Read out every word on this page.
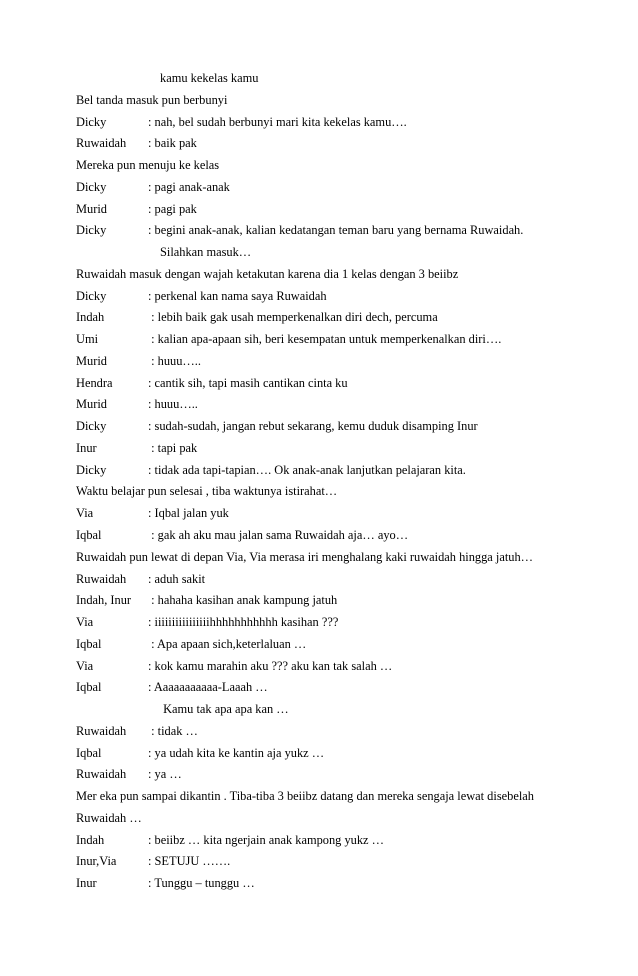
kamu kekelas kamu
Bel tanda masuk pun berbunyi
Dicky	: nah, bel sudah berbunyi mari kita kekelas kamu….
Ruwaidah : baik pak
Mereka pun menuju ke kelas
Dicky	: pagi anak-anak
Murid	: pagi pak
Dicky	: begini anak-anak, kalian kedatangan teman baru yang bernama Ruwaidah.
Silahkan masuk…
Ruwaidah masuk dengan wajah ketakutan karena dia 1 kelas dengan 3 beiibz
Dicky	: perkenal kan nama saya Ruwaidah
Indah	: lebih baik gak usah memperkenalkan diri dech, percuma
Umi	: kalian apa-apaan sih, beri kesempatan untuk memperkenalkan diri….
Murid	: huuu…..
Hendra	: cantik sih, tapi masih cantikan cinta ku
Murid	: huuu…..
Dicky	: sudah-sudah, jangan rebut sekarang, kemu duduk disamping Inur
Inur	: tapi pak
Dicky	: tidak ada tapi-tapian…. Ok anak-anak lanjutkan pelajaran kita.
Waktu belajar pun selesai , tiba waktunya istirahat…
Via	: Iqbal jalan yuk
Iqbal	: gak ah aku mau jalan sama Ruwaidah aja… ayo…
Ruwaidah pun lewat di depan Via, Via merasa iri menghalang kaki ruwaidah hingga jatuh…
Ruwaidah : aduh sakit
Indah, Inur : hahaha kasihan anak kampung jatuh
Via	: iiiiiiiiiiiiiiiihhhhhhhhhhh kasihan ???
Iqbal	: Apa apaan sich,keterlaluan …
Via	: kok kamu marahin aku ??? aku kan tak salah …
Iqbal	: Aaaaaaaaaaa-Laaah …
Kamu tak apa apa kan …
Ruwaidah : tidak …
Iqbal	: ya udah kita ke kantin aja yukz …
Ruwaidah : ya …
Mer eka pun sampai dikantin . Tiba-tiba 3 beiibz datang dan mereka sengaja lewat disebelah
Ruwaidah …
Indah	: beiibz … kita ngerjain anak kampong yukz …
Inur,Via	: SETUJU …….
Inur	: Tunggu – tunggu …
